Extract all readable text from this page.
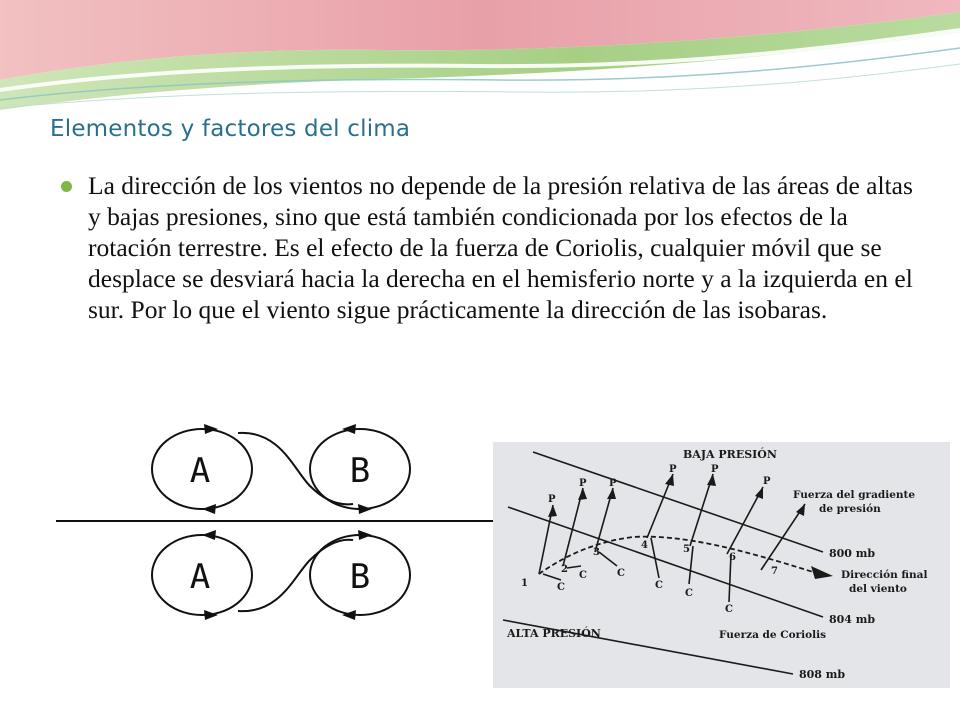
Elementos y factores del clima

La dirección de los vientos no depende de la presión relativa de las áreas de altas y bajas presiones, sino que está también condicionada por los efectos de la rotación terrestre. Es el efecto de la fuerza de Coriolis, cualquier móvil que se desplace se desviará hacia la derecha en el hemisferio norte y a la izquierda en el sur. Por lo que el viento sigue prácticamente la dirección de las isobaras.

A	B
A	B
BAJA PRESIÓN
ALTA PRESIÓN
800 mb
804 mb
808 mb
Fuerza del gradiente
de presión
Dirección final
del viento
Fuerza de Coriolis
P
P P
P	P
P
C
C	C
C
C
C
1
2
3
4	5
6
7
